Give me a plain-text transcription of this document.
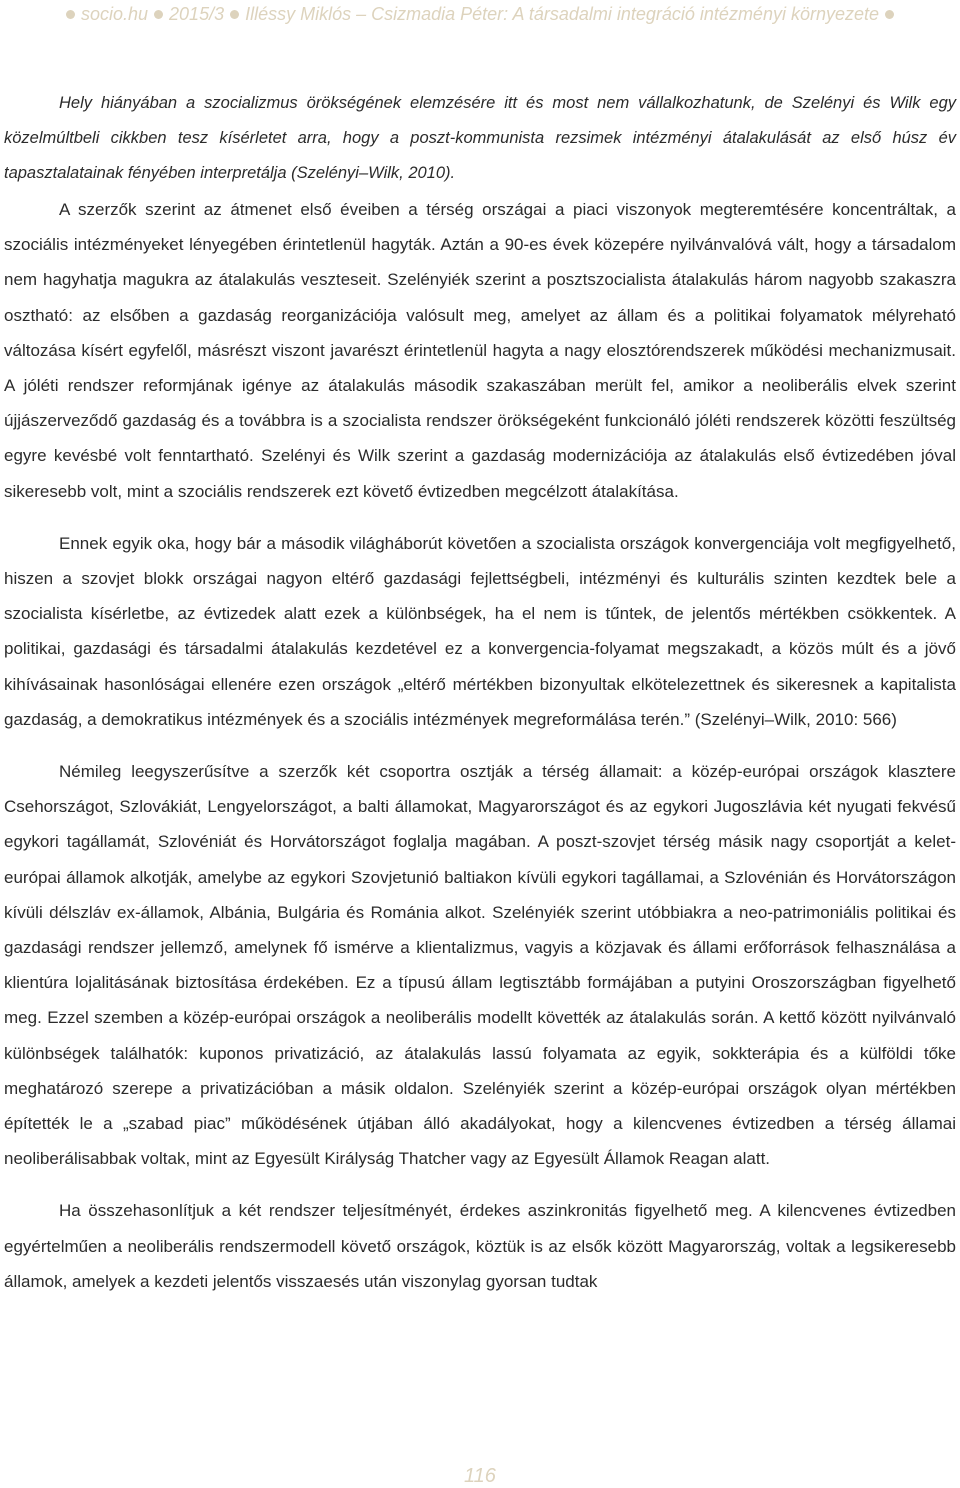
socio.hu 2015/3 Illéssy Miklós – Csizmadia Péter: A társadalmi integráció intézményi környezete

Hely hiányában a szocializmus örökségének elemzésére itt és most nem vállalkozhatunk, de Szelényi és Wilk egy közelmúltbeli cikkben tesz kísérletet arra, hogy a poszt-kommunista rezsimek intézményi átalakulását az első húsz év tapasztalatainak fényében interpretálja (Szelényi–Wilk, 2010).

A szerzők szerint az átmenet első éveiben a térség országai a piaci viszonyok megteremtésére koncentráltak, a szociális intézményeket lényegében érintetlenül hagyták. Aztán a 90-es évek közepére nyilvánvalóvá vált, hogy a társadalom nem hagyhatja magukra az átalakulás veszteseit. Szelényiék szerint a posztszocialista átalakulás három nagyobb szakaszra osztható: az elsőben a gazdaság reorganizációja valósult meg, amelyet az állam és a politikai folyamatok mélyreható változása kísért egyfelől, másrészt viszont javarészt érintetlenül hagyta a nagy elosztórendszerek működési mechanizmusait. A jóléti rendszer reformjának igénye az átalakulás második szakaszában merült fel, amikor a neoliberális elvek szerint újjászerveződő gazdaság és a továbbra is a szocialista rendszer örökségeként funkcionáló jóléti rendszerek közötti feszültség egyre kevésbé volt fenntartható. Szelényi és Wilk szerint a gazdaság modernizációja az átalakulás első évtizedében jóval sikeresebb volt, mint a szociális rendszerek ezt követő évtizedben megcélzott átalakítása.

Ennek egyik oka, hogy bár a második világháborút követően a szocialista országok konvergenciája volt megfigyelhető, hiszen a szovjet blokk országai nagyon eltérő gazdasági fejlettségbeli, intézményi és kulturális szinten kezdtek bele a szocialista kísérletbe, az évtizedek alatt ezek a különbségek, ha el nem is tűntek, de jelentős mértékben csökkentek. A politikai, gazdasági és társadalmi átalakulás kezdetével ez a konvergencia-folyamat megszakadt, a közös múlt és a jövő kihívásainak hasonlóságai ellenére ezen országok „eltérő mértékben bizonyultak elkötelezettnek és sikeresnek a kapitalista gazdaság, a demokratikus intézmények és a szociális intézmények megreformálása terén.” (Szelényi–Wilk, 2010: 566)

Némileg leegyszerűsítve a szerzők két csoportra osztják a térség államait: a közép-európai országok klasztere Csehországot, Szlovákiát, Lengyelországot, a balti államokat, Magyarországot és az egykori Jugoszlávia két nyugati fekvésű egykori tagállamát, Szlovéniát és Horvátországot foglalja magában. A poszt-szovjet térség másik nagy csoportját a kelet-európai államok alkotják, amelybe az egykori Szovjetunió baltiakon kívüli egykori tagállamai, a Szlovénián és Horvátországon kívüli délszláv ex-államok, Albánia, Bulgária és Románia alkot. Szelényiék szerint utóbbiakra a neo-patrimoniális politikai és gazdasági rendszer jellemző, amelynek fő ismérve a klientalizmus, vagyis a közjavak és állami erőforrások felhasználása a klientúra lojalitásának biztosítása érdekében. Ez a típusú állam legtisztább formájában a putyini Oroszországban figyelhető meg. Ezzel szemben a közép-európai országok a neoliberális modellt követték az átalakulás során. A kettő között nyilvánvaló különbségek találhatók: kuponos privatizáció, az átalakulás lassú folyamata az egyik, sokkterápia és a külföldi tőke meghatározó szerepe a privatizációban a másik oldalon. Szelényiék szerint a közép-európai országok olyan mértékben építették le a „szabad piac” működésének útjában álló akadályokat, hogy a kilencvenes évtizedben a térség államai neoliberálisabbak voltak, mint az Egyesült Királyság Thatcher vagy az Egyesült Államok Reagan alatt.

Ha összehasonlítjuk a két rendszer teljesítményét, érdekes aszinkronitás figyelhető meg. A kilencvenes évtizedben egyértelműen a neoliberális rendszermodell követő országok, köztük is az elsők között Magyarország, voltak a legsikeresebb államok, amelyek a kezdeti jelentős visszaesés után viszonylag gyorsan tudtak

116
